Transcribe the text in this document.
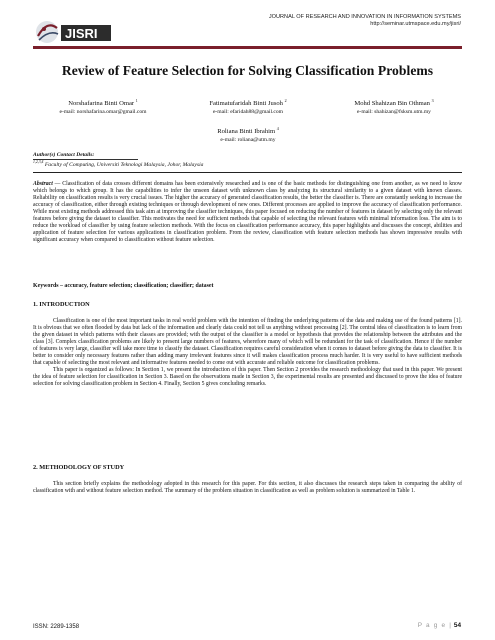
JISRI
JOURNAL OF RESEARCH AND INNOVATION IN INFORMATION SYSTEMS
http://seminar.utmspace.edu.my/jisri/
Review of Feature Selection for Solving Classification Problems
Norshafarina Binti Omar $^1$
e-mail: norshafarina.omar@gmail.com
Fatimatufaridah Binti Jusoh $^2$
e-mail: efaridah88@gmail.com
Mohd Shahizan Bin Othman $^3$
e-mail: shahizan@fsksm.utm.my
Roliana Binti Ibrahim $^4$
e-mail: roliana@utm.my
Author(s) Contact Details:
$^{1,2,3,4}$ Faculty of Computing, Universiti Teknologi Malaysia, Johor, Malaysia
Abstract — Classification of data crosses different domains has been extensively researched and is one of the basic methods for distinguishing one from another, as we need to know which belongs to which group. It has the capabilities to infer the unseen dataset with unknown class by analyzing its structural similarity to a given dataset with known classes. Reliability on classification results is very crucial issues. The higher the accuracy of generated classification results, the better the classifier is. There are constantly seeking to increase the accuracy of classification, either through existing techniques or through development of new ones. Different processes are applied to improve the accuracy of classification performance. While most existing methods addressed this task aim at improving the classifier techniques, this paper focused on reducing the number of features in dataset by selecting only the relevant features before giving the dataset to classifier. This motivates the need for sufficient methods that capable of selecting the relevant features with minimal information loss. The aim is to reduce the workload of classifier by using feature selection methods. With the focus on classification performance accuracy, this paper highlights and discusses the concept, abilities and application of feature selection for various applications in classification problem. From the review, classification with feature selection methods has shown impressive results with significant accuracy when compared to classification without feature selection.
Keywords – accuracy, feature selection; classification; classifier; dataset
1. INTRODUCTION

Classification is one of the most important tasks in real world problem with the intention of finding the underlying patterns of the data and making use of the found patterns [1]. It is obvious that we often flooded by data but lack of the information and clearly data could not tell us anything without processing [2]. The central idea of classification is to learn from the given dataset in which patterns with their classes are provided; with the output of the classifier is a model or hypothesis that provides the relationship between the attributes and the class [3]. Complex classification problems are likely to present large numbers of features, wherefore many of which will be redundant for the task of classification. Hence if the number of features is very large, classifier will take more time to classify the dataset. Classification requires careful consideration when it comes to dataset before giving the data to classifier. It is better to consider only necessary features rather than adding many irrelevant features since it will makes classification process much harder. It is very useful to have sufficient methods that capable of selecting the most relevant and informative features needed to come out with accurate and reliable outcome for classification problems.

This paper is organized as follows: In Section 1, we present the introduction of this paper. Then Section 2 provides the research methodology that used in this paper. We present the idea of feature selection for classification in Section 3. Based on the observations made in Section 3, the experimental results are presented and discussed to prove the idea of feature selection for solving classification problem in Section 4. Finally, Section 5 gives concluding remarks.

2. METHODOLOGY OF STUDY

This section briefly explains the methodology adopted in this research for this paper. For this section, it also discusses the research steps taken in comparing the ability of classification with and without feature selection method. The summary of the problem situation in classification as well as problem solution is summarized in Table 1.

ISSN: 2289-1358	P a g e | 54
